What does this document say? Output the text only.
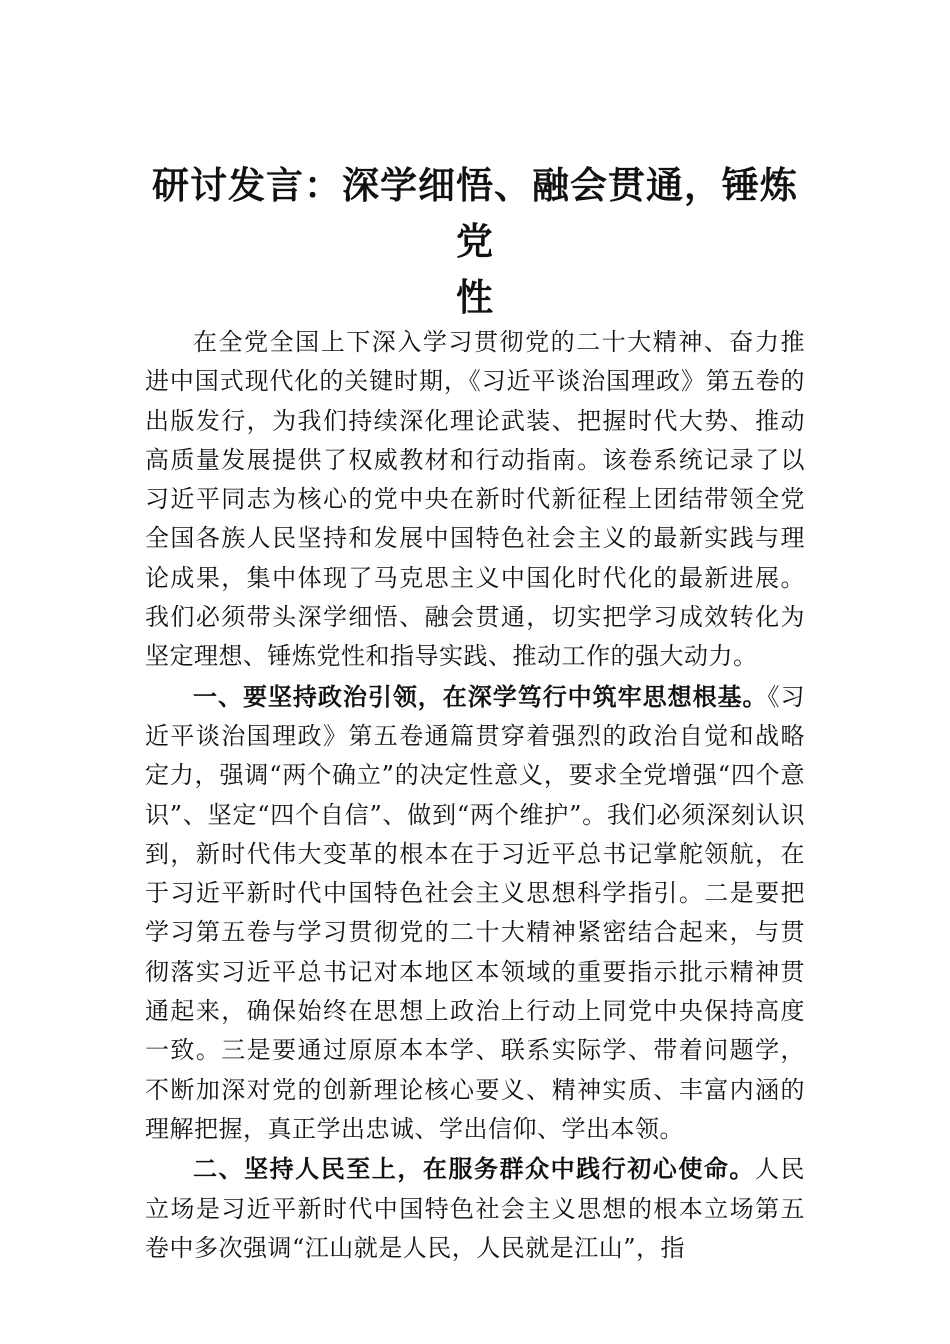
研讨发言：深学细悟、融会贯通，锤炼党
性

在全党全国上下深入学习贯彻党的二十大精神、奋力推进中国式现代化的关键时期，《习近平谈治国理政》第五卷的出版发行，为我们持续深化理论武装、把握时代大势、推动高质量发展提供了权威教材和行动指南。该卷系统记录了以习近平同志为核心的党中央在新时代新征程上团结带领全党全国各族人民坚持和发展中国特色社会主义的最新实践与理论成果，集中体现了马克思主义中国化时代化的最新进展。我们必须带头深学细悟、融会贯通，切实把学习成效转化为坚定理想、锤炼党性和指导实践、推动工作的强大动力。

一、要坚持政治引领，在深学笃行中筑牢思想根基。《习近平谈治国理政》第五卷通篇贯穿着强烈的政治自觉和战略定力，强调“两个确立”的决定性意义，要求全党增强“四个意识”、坚定“四个自信”、做到“两个维护”。我们必须深刻认识到，新时代伟大变革的根本在于习近平总书记掌舵领航，在于习近平新时代中国特色社会主义思想科学指引。二是要把学习第五卷与学习贯彻党的二十大精神紧密结合起来，与贯彻落实习近平总书记对本地区本领域的重要指示批示精神贯通起来，确保始终在思想上政治上行动上同党中央保持高度一致。三是要通过原原本本学、联系实际学、带着问题学，不断加深对党的创新理论核心要义、精神实质、丰富内涵的理解把握，真正学出忠诚、学出信仰、学出本领。

二、坚持人民至上，在服务群众中践行初心使命。人民立场是习近平新时代中国特色社会主义思想的根本立场第五卷中多次强调“江山就是人民，人民就是江山”，指
